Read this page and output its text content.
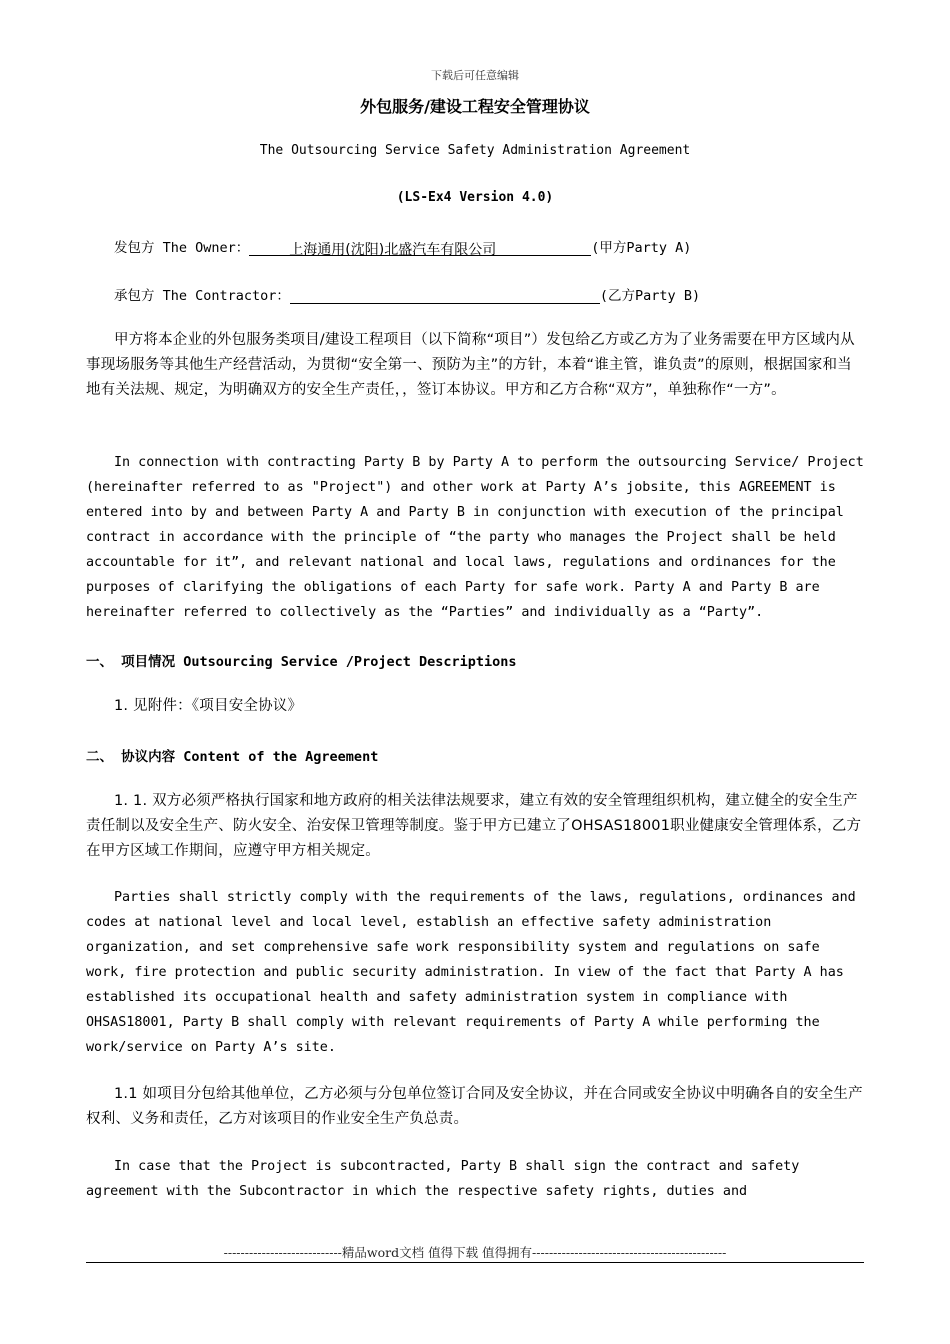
下载后可任意编辑
外包服务/建设工程安全管理协议
The Outsourcing Service Safety Administration Agreement
(LS-Ex4 Version 4.0)
发包方 The Owner：	上海通用(沈阳)北盛汽车有限公司	(甲方Party A)
承包方 The Contractor：	(乙方Party B)

甲方将本企业的外包服务类项目/建设工程项目（以下简称“项目”）发包给乙方或乙方为了业务需要在甲方区域内从事现场服务等其他生产经营活动，为贯彻“安全第一、预防为主”的方针，本着“谁主管，谁负责”的原则，根据国家和当地有关法规、规定，为明确双方的安全生产责任，，签订本协议。甲方和乙方合称“双方”，单独称作“一方”。

In connection with contracting Party B by Party A to perform the outsourcing Service/ Project (hereinafter referred to as "Project") and other work at Party A’s jobsite, this AGREEMENT is entered into by and between Party A and Party B in conjunction with execution of the principal contract in accordance with the principle of “the party who manages the Project shall be held accountable for it”, and relevant national and local laws, regulations and ordinances for the purposes of clarifying the obligations of each Party for safe work. Party A and Party B are hereinafter referred to collectively as the “Parties” and individually as a “Party”.

一、 项目情况 Outsourcing Service /Project Descriptions
1. 见附件：《项目安全协议》
二、 协议内容 Content of the Agreement

1. 1. 双方必须严格执行国家和地方政府的相关法律法规要求，建立有效的安全管理组织机构，建立健全的安全生产责任制以及安全生产、防火安全、治安保卫管理等制度。鉴于甲方已建立了OHSAS18001职业健康安全管理体系，乙方在甲方区域工作期间，应遵守甲方相关规定。

Parties shall strictly comply with the requirements of the laws, regulations, ordinances and codes at national level and local level, establish an effective safety administration organization, and set comprehensive safe work responsibility system and regulations on safe work, fire protection and public security administration. In view of the fact that Party A has established its occupational health and safety administration system in compliance with OHSAS18001, Party B shall comply with relevant requirements of Party A while performing the work/service on Party A’s site.

1.1 如项目分包给其他单位，乙方必须与分包单位签订合同及安全协议，并在合同或安全协议中明确各自的安全生产权利、义务和责任，乙方对该项目的作业安全生产负总责。

In case that the Project is subcontracted, Party B shall sign the contract and safety agreement with the Subcontractor in which the respective safety rights, duties and

----------------------------精品word文档 值得下载 值得拥有----------------------------------------------
